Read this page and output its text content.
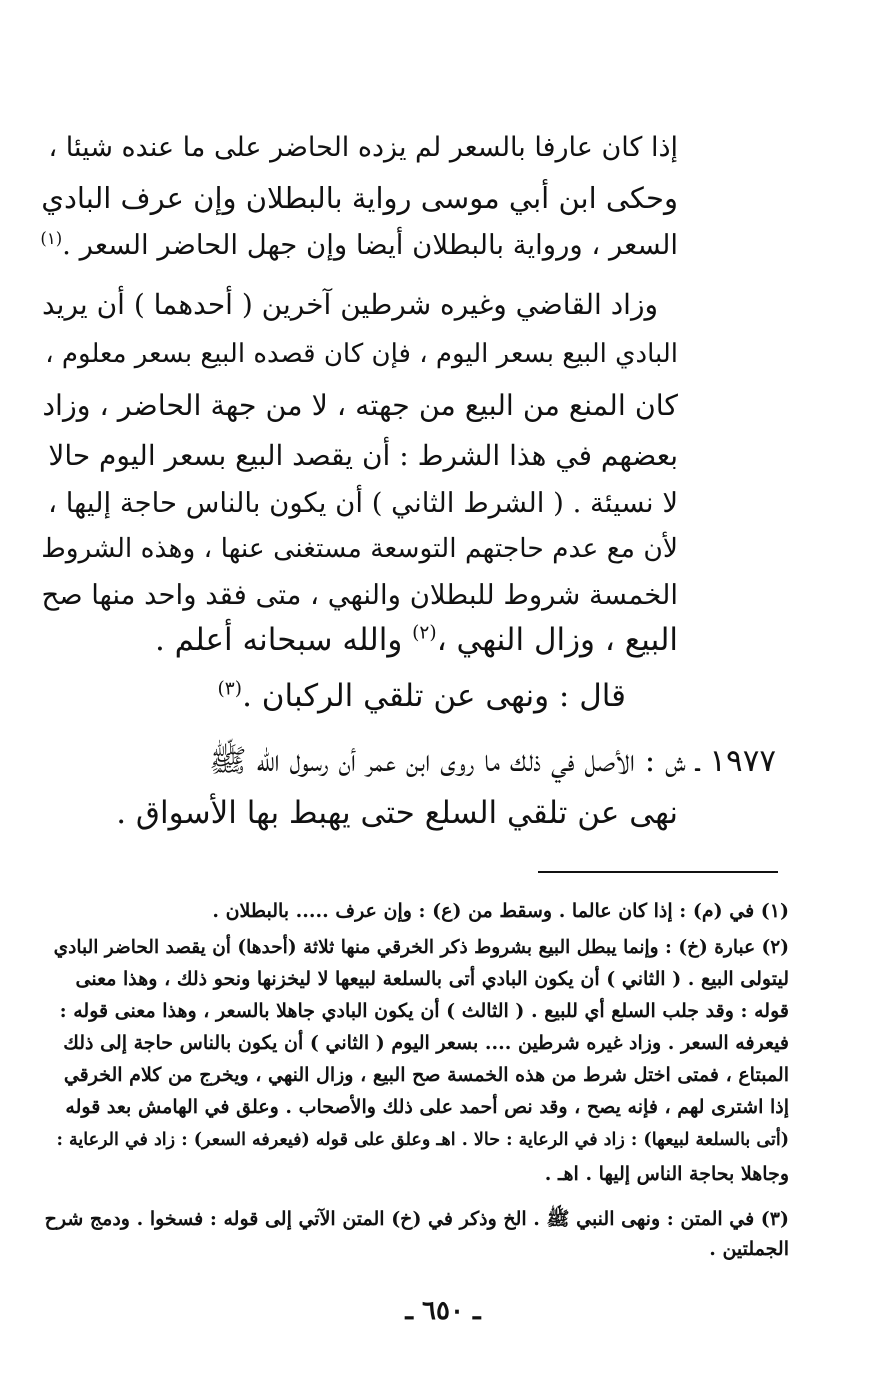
إذا كان عارفا بالسعر لم يزده الحاضر على ما عنده شيئا ،
وحكى ابن أبي موسى رواية بالبطلان وإن عرف البادي
السعر ، ورواية بالبطلان أيضا وإن جهل الحاضر السعر .$^{(١)}$
وزاد القاضي وغيره شرطين آخرين ( أحدهما ) أن يريد
البادي البيع بسعر اليوم ، فإن كان قصده البيع بسعر معلوم ،
كان المنع من البيع من جهته ، لا من جهة الحاضر ، وزاد
بعضهم في هذا الشرط : أن يقصد البيع بسعر اليوم حالا
لا نسيئة . ( الشرط الثاني ) أن يكون بالناس حاجة إليها ،
لأن مع عدم حاجتهم التوسعة مستغنى عنها ، وهذه الشروط
الخمسة شروط للبطلان والنهي ، متى فقد واحد منها صح
البيع ، وزال النهي ،$^{(٢)}$ والله سبحانه أعلم .
قال : ونهى عن تلقي الركبان .$^{(٣)}$
١٩٧٧ ـ ش : الأصل في ذلك ما روى ابن عمر أن رسول الله ﷺ
نهى عن تلقي السلع حتى يهبط بها الأسواق .
(١) في (م) : إذا كان عالما . وسقط من (ع) : وإن عرف ..... بالبطلان .
(٢) عبارة (خ) : وإنما يبطل البيع بشروط ذكر الخرقي منها ثلاثة (أحدها) أن يقصد الحاضر البادي
ليتولى البيع . ( الثاني ) أن يكون البادي أتى بالسلعة لبيعها لا ليخزنها ونحو ذلك ، وهذا معنى
قوله : وقد جلب السلع أي للبيع . ( الثالث ) أن يكون البادي جاهلا بالسعر ، وهذا معنى قوله :
فيعرفه السعر . وزاد غيره شرطين .... بسعر اليوم ( الثاني ) أن يكون بالناس حاجة إلى ذلك
المبتاع ، فمتى اختل شرط من هذه الخمسة صح البيع ، وزال النهي ، ويخرج من كلام الخرقي
إذا اشترى لهم ، فإنه يصح ، وقد نص أحمد على ذلك والأصحاب . وعلق في الهامش بعد قوله
(أتى بالسلعة لبيعها) : زاد في الرعاية : حالا . اهـ وعلق على قوله (فيعرفه السعر) : زاد في الرعاية :
وجاهلا بحاجة الناس إليها . اهـ .
(٣) في المتن : ونهى النبي ﷺ . الخ وذكر في (خ) المتن الآتي إلى قوله : فسخوا . ودمج شرح
الجملتين .
ـ ٦٥٠ ـ
